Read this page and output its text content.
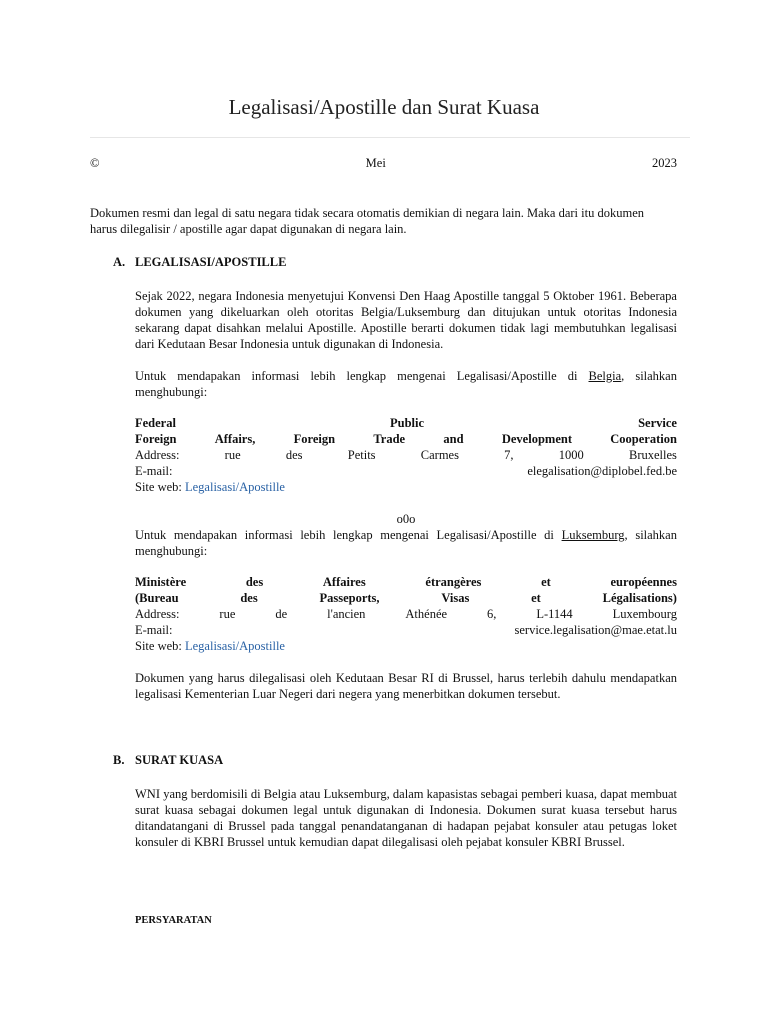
Legalisasi/Apostille dan Surat Kuasa
©	Mei	2023
Dokumen resmi dan legal di satu negara tidak secara otomatis demikian di negara lain. Maka dari itu dokumen
harus dilegalisir / apostille agar dapat digunakan di negara lain.
A. LEGALISASI/APOSTILLE
Sejak 2022, negara Indonesia menyetujui Konvensi Den Haag Apostille tanggal 5 Oktober 1961. Beberapa dokumen yang dikeluarkan oleh otoritas Belgia/Luksemburg dan ditujukan untuk otoritas Indonesia sekarang dapat disahkan melalui Apostille. Apostille berarti dokumen tidak lagi membutuhkan legalisasi dari Kedutaan Besar Indonesia untuk digunakan di Indonesia.
Untuk mendapakan informasi lebih lengkap mengenai Legalisasi/Apostille di Belgia, silahkan menghubungi:
Federal	Public	Service
Foreign	Affairs,	Foreign	Trade	and	Development	Cooperation
Address:	rue	des	Petits	Carmes	7,	1000	Bruxelles
E-mail:	elegalisation@diplobel.fed.be
Site web: Legalisasi/Apostille
o0o
Untuk mendapakan informasi lebih lengkap mengenai Legalisasi/Apostille di Luksemburg, silahkan menghubungi:
Ministère	des	Affaires	étrangères	et	européennes
(Bureau	des	Passeports,	Visas	et	Légalisations)
Address:	rue	de	l'ancien	Athénée	6,	L-1144	Luxembourg
E-mail:	service.legalisation@mae.etat.lu
Site web: Legalisasi/Apostille
Dokumen yang harus dilegalisasi oleh Kedutaan Besar RI di Brussel, harus terlebih dahulu mendapatkan legalisasi Kementerian Luar Negeri dari negera yang menerbitkan dokumen tersebut.
B. SURAT KUASA
WNI yang berdomisili di Belgia atau Luksemburg, dalam kapasistas sebagai pemberi kuasa, dapat membuat surat kuasa sebagai dokumen legal untuk digunakan di Indonesia. Dokumen surat kuasa tersebut harus ditandatangani di Brussel pada tanggal penandatanganan di hadapan pejabat konsuler atau petugas loket konsuler di KBRI Brussel untuk kemudian dapat dilegalisasi oleh pejabat konsuler KBRI Brussel.
PERSYARATAN
